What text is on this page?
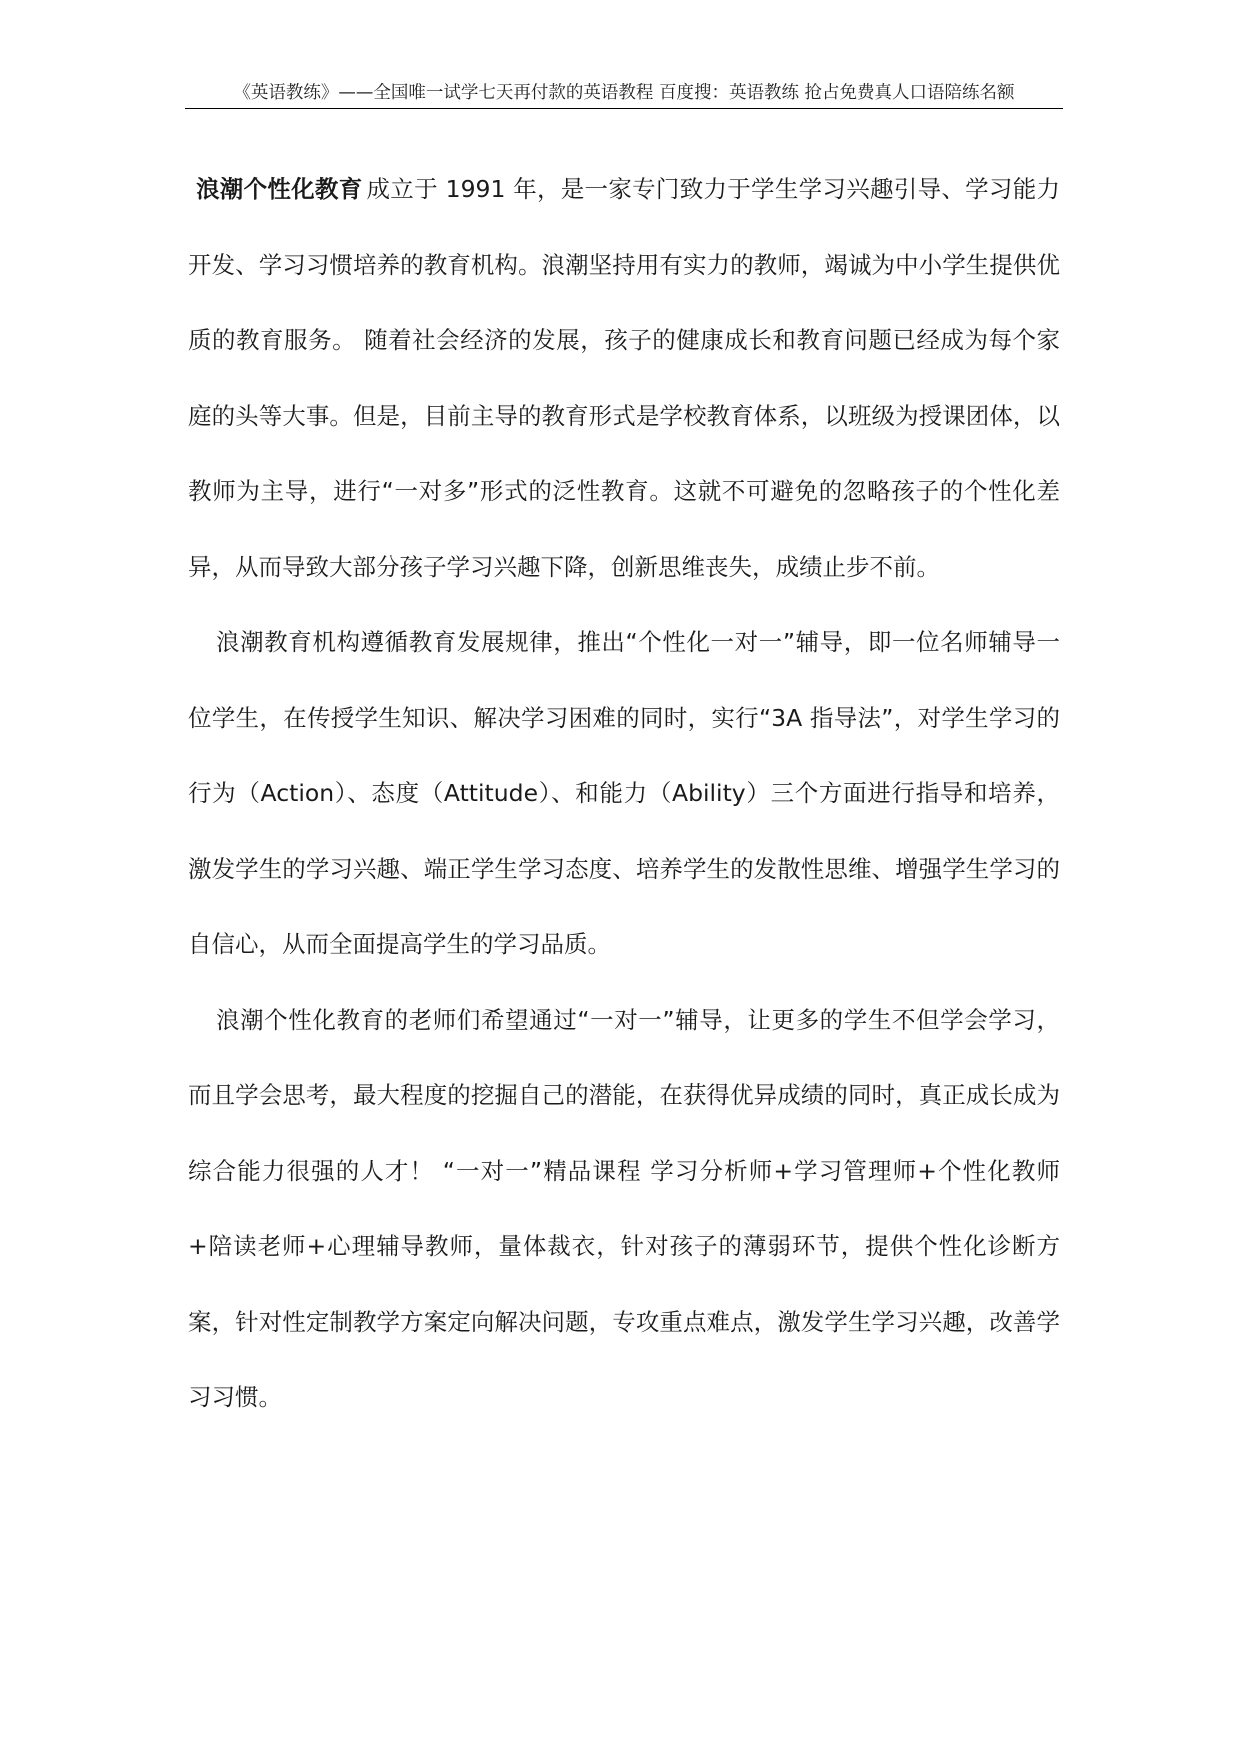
《英语教练》——全国唯一试学七天再付款的英语教程 百度搜：英语教练 抢占免费真人口语陪练名额

浪潮个性化教育 成立于 1991 年，是一家专门致力于学生学习兴趣引导、学习能力开发、学习习惯培养的教育机构。浪潮坚持用有实力的教师，竭诚为中小学生提供优质的教育服务。 随着社会经济的发展，孩子的健康成长和教育问题已经成为每个家庭的头等大事。但是，目前主导的教育形式是学校教育体系，以班级为授课团体，以教师为主导，进行“一对多”形式的泛性教育。这就不可避免的忽略孩子的个性化差异，从而导致大部分孩子学习兴趣下降，创新思维丧失，成绩止步不前。

浪潮教育机构遵循教育发展规律，推出“个性化一对一”辅导，即一位名师辅导一位学生，在传授学生知识、解决学习困难的同时，实行“3A 指导法”，对学生学习的行为（Action）、态度（Attitude）、和能力（Ability）三个方面进行指导和培养，激发学生的学习兴趣、端正学生学习态度、培养学生的发散性思维、增强学生学习的自信心，从而全面提高学生的学习品质。

浪潮个性化教育的老师们希望通过“一对一”辅导，让更多的学生不但学会学习，而且学会思考，最大程度的挖掘自己的潜能，在获得优异成绩的同时，真正成长成为综合能力很强的人才！ “一对一”精品课程 学习分析师+学习管理师+个性化教师+陪读老师+心理辅导教师，量体裁衣，针对孩子的薄弱环节，提供个性化诊断方案，针对性定制教学方案定向解决问题，专攻重点难点，激发学生学习兴趣，改善学习习惯。
